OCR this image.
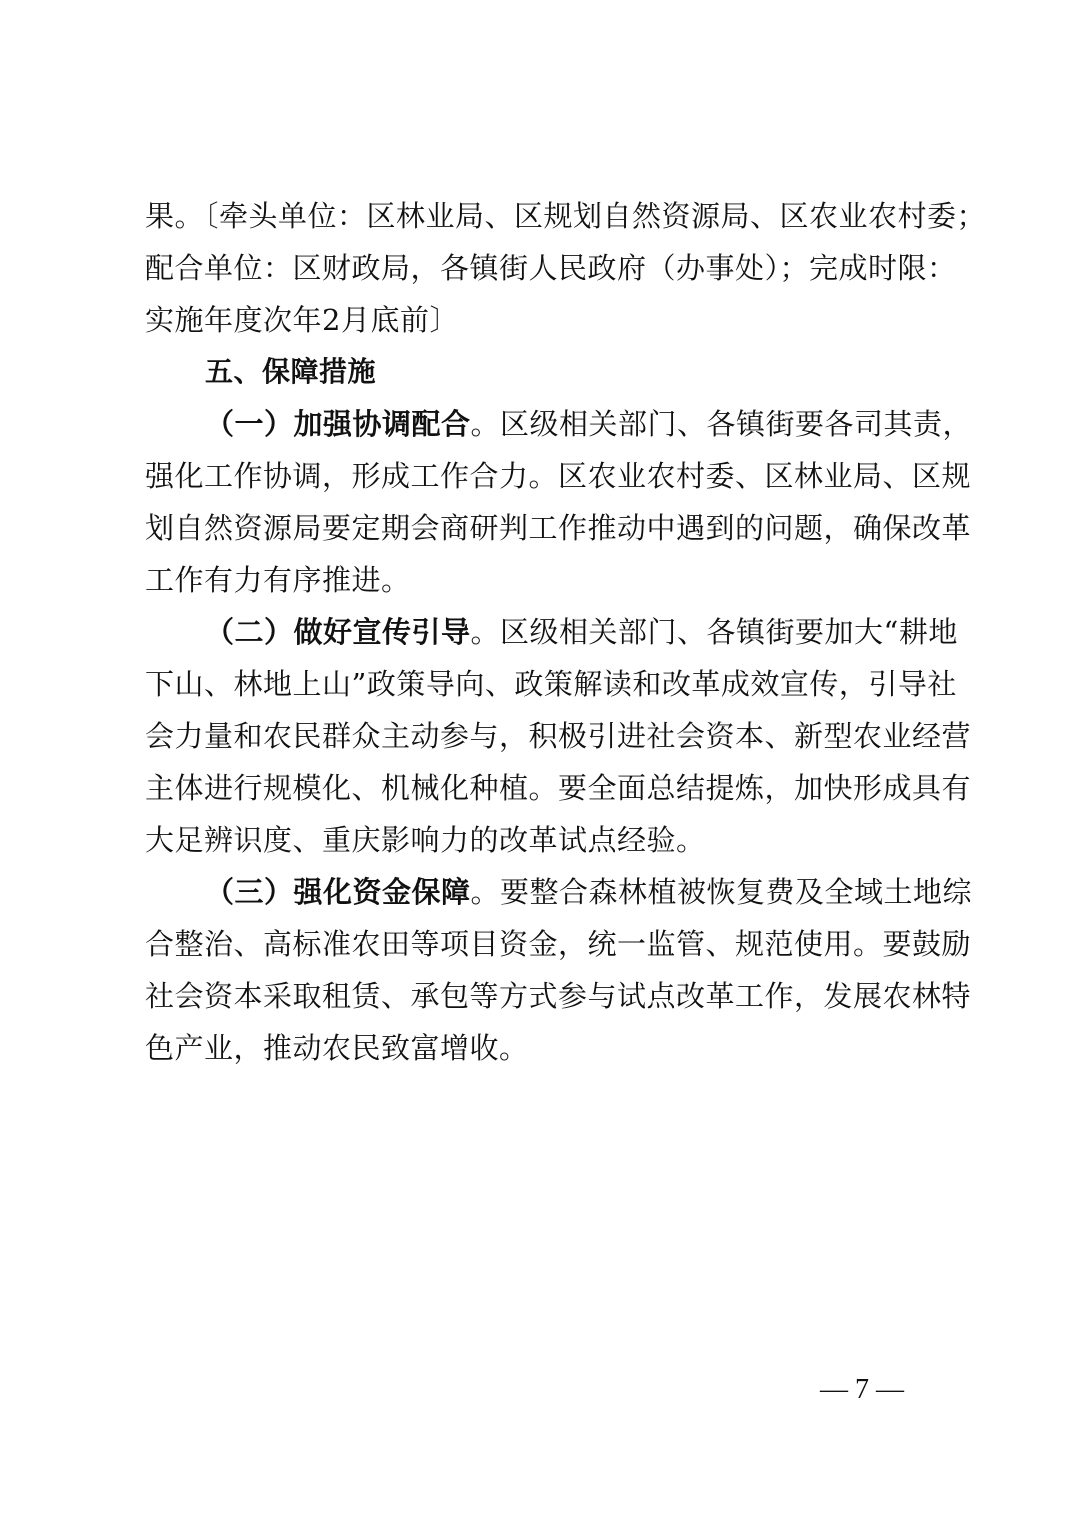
果。〔牵头单位：区林业局、区规划自然资源局、区农业农村委；
配合单位：区财政局，各镇街人民政府（办事处）；完成时限：
实施年度次年2月底前〕
五、保障措施
（一）加强协调配合。区级相关部门、各镇街要各司其责，
强化工作协调，形成工作合力。区农业农村委、区林业局、区规
划自然资源局要定期会商研判工作推动中遇到的问题，确保改革
工作有力有序推进。
（二）做好宣传引导。区级相关部门、各镇街要加大“耕地
下山、林地上山”政策导向、政策解读和改革成效宣传，引导社
会力量和农民群众主动参与，积极引进社会资本、新型农业经营
主体进行规模化、机械化种植。要全面总结提炼，加快形成具有
大足辨识度、重庆影响力的改革试点经验。
（三）强化资金保障。要整合森林植被恢复费及全域土地综
合整治、高标准农田等项目资金，统一监管、规范使用。要鼓励
社会资本采取租赁、承包等方式参与试点改革工作，发展农林特
色产业，推动农民致富增收。
— 7 —
